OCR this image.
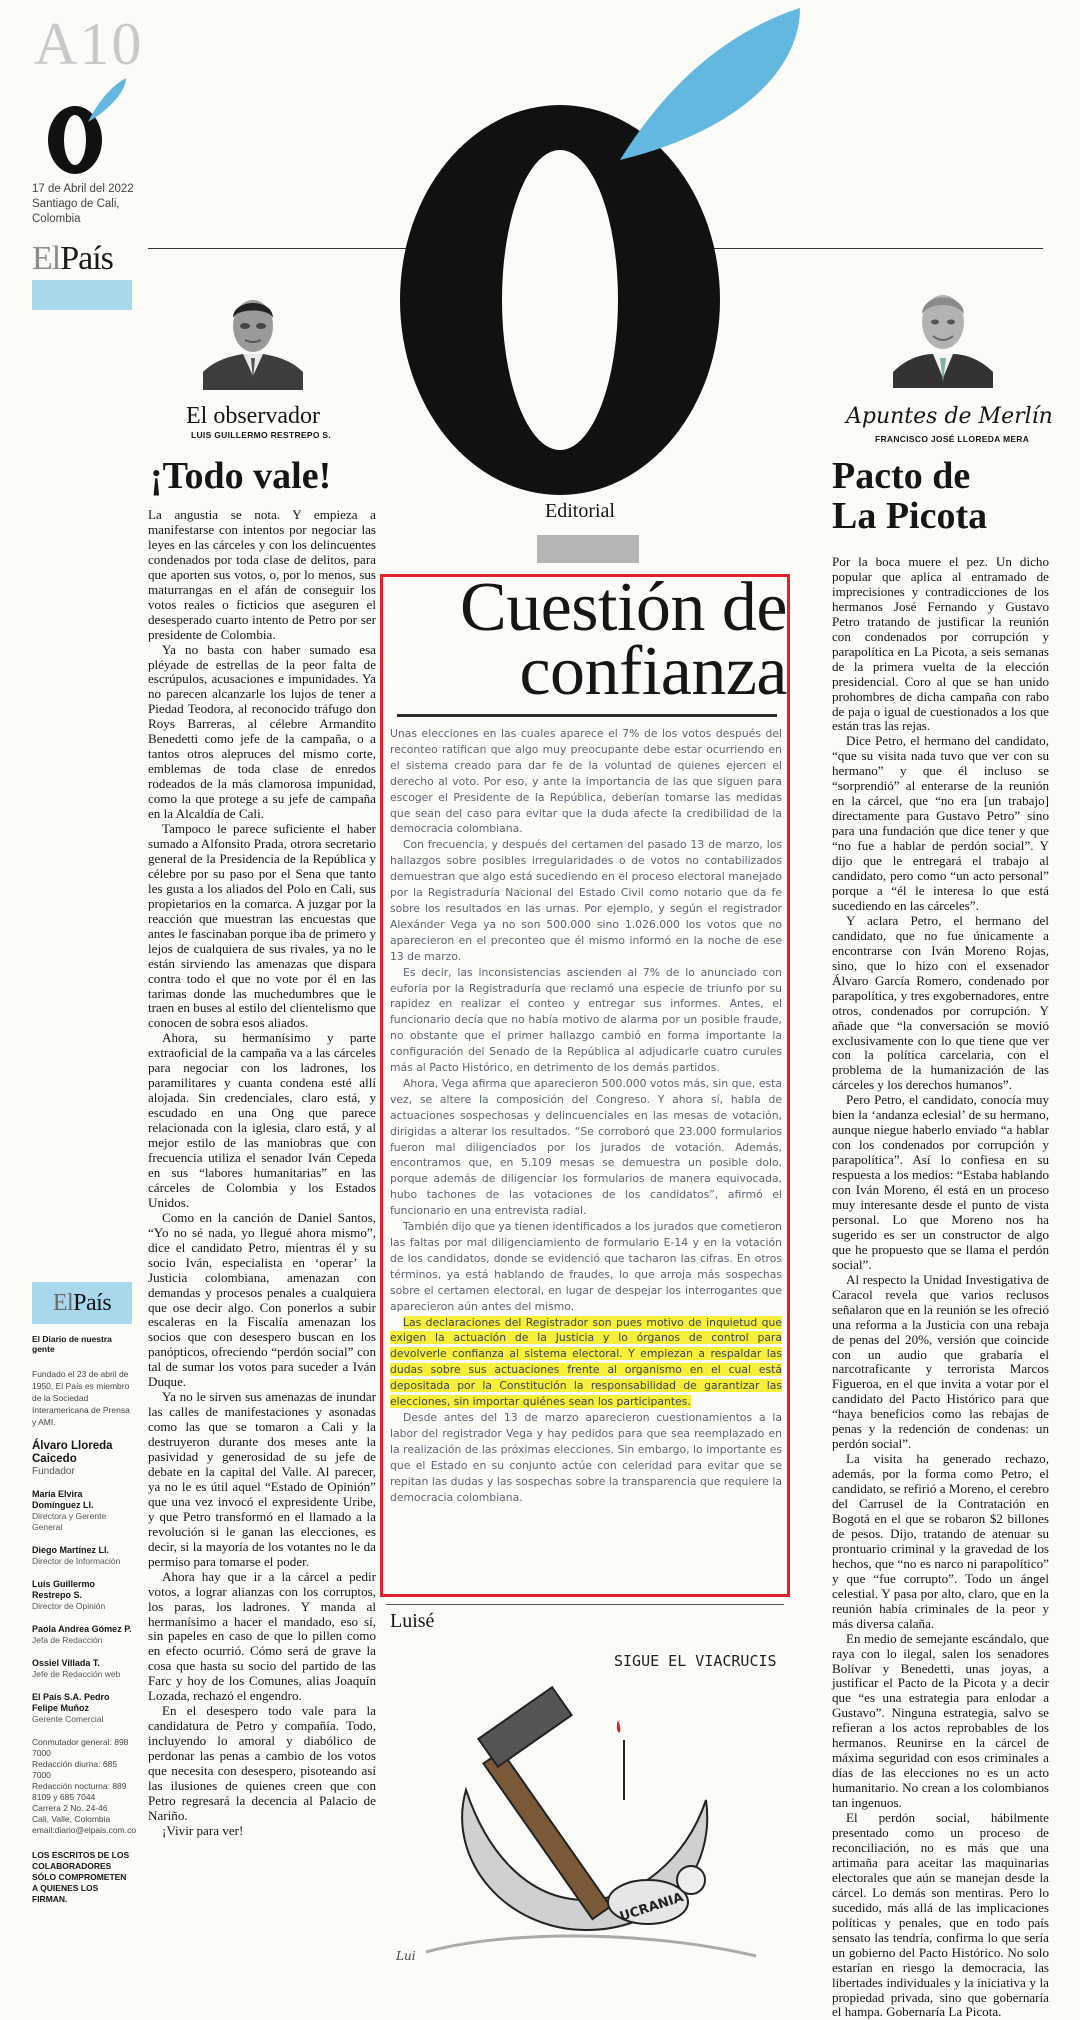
A10
17 de Abril del 2022 Santiago de Cali, Colombia
ElPaís
ElPaís
El Diario de nuestra gente
Fundado el 23 de abril de 1950, El País es miembro de la Sociedad Interamericana de Prensa y AMI.
Álvaro Lloreda Caicedo
Fundador
María Elvira Domínguez Ll.
Directora y Gerente General
Diego Martínez Ll.
Director de Información
Luis Guillermo Restrepo S.
Director de Opinión
Paola Andrea Gómez P.
Jefa de Redacción
Ossiel Villada T.
Jefe de Redacción web
El País S.A. Pedro Felipe Muñoz
Gerente Comercial
Conmutador general: 898 7000
Redacción diurna: 685 7000
Redacción nocturna: 889 8109 y 685 7044
Carrera 2 No. 24-46
Cali, Valle, Colombia
email:diario@elpais.com.co
LOS ESCRITOS DE LOS COLABORADORES SÓLO COMPROMETEN A QUIENES LOS FIRMAN.
El observador
LUIS GUILLERMO RESTREPO S.
¡Todo vale!

La angustia se nota. Y empieza a manifestarse con intentos por negociar las leyes en las cárceles y con los delincuentes condenados por toda clase de delitos, para que aporten sus votos, o, por lo menos, sus maturrangas en el afán de conseguir los votos reales o ficticios que aseguren el desesperado cuarto intento de Petro por ser presidente de Colombia.

Ya no basta con haber sumado esa pléyade de estrellas de la peor falta de escrúpulos, acusaciones e impunidades. Ya no parecen alcanzarle los lujos de tener a Piedad Teodora, al reconocido tráfugo don Roys Barreras, al célebre Armandito Benedetti como jefe de la campaña, o a tantos otros alepruces del mismo corte, emblemas de toda clase de enredos rodeados de la más clamorosa impunidad, como la que protege a su jefe de campaña en la Alcaldía de Cali.

Tampoco le parece suficiente el haber sumado a Alfonsito Prada, otrora secretario general de la Presidencia de la República y célebre por su paso por el Sena que tanto les gusta a los aliados del Polo en Cali, sus propietarios en la comarca. A juzgar por la reacción que muestran las encuestas que antes le fascinaban porque iba de primero y lejos de cualquiera de sus rivales, ya no le están sirviendo las amenazas que dispara contra todo el que no vote por él en las tarimas donde las muchedumbres que le traen en buses al estilo del clientelismo que conocen de sobra esos aliados.

Ahora, su hermanísimo y parte extraoficial de la campaña va a las cárceles para negociar con los ladrones, los paramilitares y cuanta condena esté allí alojada. Sin credenciales, claro está, y escudado en una Ong que parece relacionada con la iglesia, claro está, y al mejor estilo de las maniobras que con frecuencia utiliza el senador Iván Cepeda en sus “labores humanitarias” en las cárceles de Colombia y los Estados Unidos.

Como en la canción de Daniel Santos, “Yo no sé nada, yo llegué ahora mismo”, dice el candidato Petro, mientras él y su socio Iván, especialista en ‘operar’ la Justicia colombiana, amenazan con demandas y procesos penales a cualquiera que ose decir algo. Con ponerlos a subir escaleras en la Fiscalía amenazan los socios que con desespero buscan en los panópticos, ofreciendo “perdón social” con tal de sumar los votos para suceder a Iván Duque.

Ya no le sirven sus amenazas de inundar las calles de manifestaciones y asonadas como las que se tomaron a Cali y la destruyeron durante dos meses ante la pasividad y generosidad de su jefe de debate en la capital del Valle. Al parecer, ya no le es útil aquel “Estado de Opinión” que una vez invocó el expresidente Uribe, y que Petro transformó en el llamado a la revolución si le ganan las elecciones, es decir, si la mayoría de los votantes no le da permiso para tomarse el poder.

Ahora hay que ir a la cárcel a pedir votos, a lograr alianzas con los corruptos, los paras, los ladrones. Y manda al hermanísimo a hacer el mandado, eso sí, sin papeles en caso de que lo pillen como en efecto ocurrió. Cómo será de grave la cosa que hasta su socio del partido de las Farc y hoy de los Comunes, alias Joaquín Lozada, rechazó el engendro.

En el desespero todo vale para la candidatura de Petro y compañía. Todo, incluyendo lo amoral y diabólico de perdonar las penas a cambio de los votos que necesita con desespero, pisoteando así las ilusiones de quienes creen que con Petro regresará la decencia al Palacio de Nariño.

¡Vivir para ver!

Editorial
Cuestión de
confianza

Unas elecciones en las cuales aparece el 7% de los votos después del reconteo ratifican que algo muy preocupante debe estar ocurriendo en el sistema creado para dar fe de la voluntad de quienes ejercen el derecho al voto. Por eso, y ante la importancia de las que siguen para escoger el Presidente de la República, deberían tomarse las medidas que sean del caso para evitar que la duda afecte la credibilidad de la democracia colombiana.

Con frecuencia, y después del certamen del pasado 13 de marzo, los hallazgos sobre posibles irregularidades o de votos no contabilizados demuestran que algo está sucediendo en el proceso electoral manejado por la Registraduría Nacional del Estado Civil como notario que da fe sobre los resultados en las urnas. Por ejemplo, y según el registrador Alexánder Vega ya no son 500.000 sino 1.026.000 los votos que no aparecieron en el preconteo que él mismo informó en la noche de ese 13 de marzo.

Es decir, las inconsistencias ascienden al 7% de lo anunciado con euforia por la Registraduría que reclamó una especie de triunfo por su rapidez en realizar el conteo y entregar sus informes. Antes, el funcionario decía que no había motivo de alarma por un posible fraude, no obstante que el primer hallazgo cambió en forma importante la configuración del Senado de la República al adjudicarle cuatro curules más al Pacto Histórico, en detrimento de los demás partidos.

Ahora, Vega afirma que aparecieron 500.000 votos más, sin que, esta vez, se altere la composición del Congreso. Y ahora sí, habla de actuaciones sospechosas y delincuenciales en las mesas de votación, dirigidas a alterar los resultados. “Se corroboró que 23.000 formularios fueron mal diligenciados por los jurados de votación. Además, encontramos que, en 5.109 mesas se demuestra un posible dolo, porque además de diligenciar los formularios de manera equivocada, hubo tachones de las votaciones de los candidatos”, afirmó el funcionario en una entrevista radial.

También dijo que ya tienen identificados a los jurados que cometieron las faltas por mal diligenciamiento de formulario E-14 y en la votación de los candidatos, donde se evidenció que tacharon las cifras. En otros términos, ya está hablando de fraudes, lo que arroja más sospechas sobre el certamen electoral, en lugar de despejar los interrogantes que aparecieron aún antes del mismo.

Las declaraciones del Registrador son pues motivo de inquietud que exigen la actuación de la Justicia y lo órganos de control para devolverle confianza al sistema electoral. Y empiezan a respaldar las dudas sobre sus actuaciones frente al organismo en el cual está depositada por la Constitución la responsabilidad de garantizar las elecciones, sin importar quiénes sean los participantes.

Desde antes del 13 de marzo aparecieron cuestionamientos a la labor del registrador Vega y hay pedidos para que sea reemplazado en la realización de las próximas elecciones. Sin embargo, lo importante es que el Estado en su conjunto actúe con celeridad para evitar que se repitan las dudas y las sospechas sobre la transparencia que requiere la democracia colombiana.

Luisé
SIGUE EL VIACRUCIS
UCRANIA
Lui
Apuntes de Merlín
FRANCISCO JOSÉ LLOREDA MERA
Pacto de
La Picota

Por la boca muere el pez. Un dicho popular que aplica al entramado de imprecisiones y contradicciones de los hermanos José Fernando y Gustavo Petro tratando de justificar la reunión con condenados por corrupción y parapolítica en La Picota, a seis semanas de la primera vuelta de la elección presidencial. Coro al que se han unido prohombres de dicha campaña con rabo de paja o igual de cuestionados a los que están tras las rejas.

Dice Petro, el hermano del candidato, “que su visita nada tuvo que ver con su hermano” y que él incluso se “sorprendió” al enterarse de la reunión en la cárcel, que “no era [un trabajo] directamente para Gustavo Petro” sino para una fundación que dice tener y que “no fue a hablar de perdón social”. Y dijo que le entregará el trabajo al candidato, pero como “un acto personal” porque a “él le interesa lo que está sucediendo en las cárceles”.

Y aclara Petro, el hermano del candidato, que no fue únicamente a encontrarse con Iván Moreno Rojas, sino, que lo hizo con el exsenador Álvaro García Romero, condenado por parapolítica, y tres exgobernadores, entre otros, condenados por corrupción. Y añade que “la conversación se movió exclusivamente con lo que tiene que ver con la política carcelaria, con el problema de la humanización de las cárceles y los derechos humanos”.

Pero Petro, el candidato, conocía muy bien la ‘andanza eclesial’ de su hermano, aunque niegue haberlo enviado “a hablar con los condenados por corrupción y parapolítica”. Así lo confiesa en su respuesta a los medios: “Estaba hablando con Iván Moreno, él está en un proceso muy interesante desde el punto de vista personal. Lo que Moreno nos ha sugerido es ser un constructor de algo que he propuesto que se llama el perdón social”.

Al respecto la Unidad Investigativa de Caracol revela que varios reclusos señalaron que en la reunión se les ofreció una reforma a la Justicia con una rebaja de penas del 20%, versión que coincide con un audio que grabaría el narcotraficante y terrorista Marcos Figueroa, en el que invita a votar por el candidato del Pacto Histórico para que “haya beneficios como las rebajas de penas y la redención de condenas: un perdón social”.

La visita ha generado rechazo, además, por la forma como Petro, el candidato, se refirió a Moreno, el cerebro del Carrusel de la Contratación en Bogotá en el que se robaron $2 billones de pesos. Dijo, tratando de atenuar su prontuario criminal y la gravedad de los hechos, que “no es narco ni parapolítico” y que “fue corrupto”. Todo un ángel celestial. Y pasa por alto, claro, que en la reunión había criminales de la peor y más diversa calaña.

En medio de semejante escándalo, que raya con lo ilegal, salen los senadores Bolívar y Benedetti, unas joyas, a justificar el Pacto de la Picota y a decir que “es una estrategia para enlodar a Gustavo”. Ninguna estrategia, salvo se refieran a los actos reprobables de los hermanos. Reunirse en la cárcel de máxima seguridad con esos criminales a días de las elecciones no es un acto humanitario. No crean a los colombianos tan ingenuos.

El perdón social, hábilmente presentado como un proceso de reconciliación, no es más que una artimaña para aceitar las maquinarias electorales que aún se manejan desde la cárcel. Lo demás son mentiras. Pero lo sucedido, más allá de las implicaciones políticas y penales, que en todo país sensato las tendría, confirma lo que sería un gobierno del Pacto Histórico. No solo estarían en riesgo la democracia, las libertades individuales y la iniciativa y la propiedad privada, sino que gobernaría el hampa. Gobernaría La Picota.
